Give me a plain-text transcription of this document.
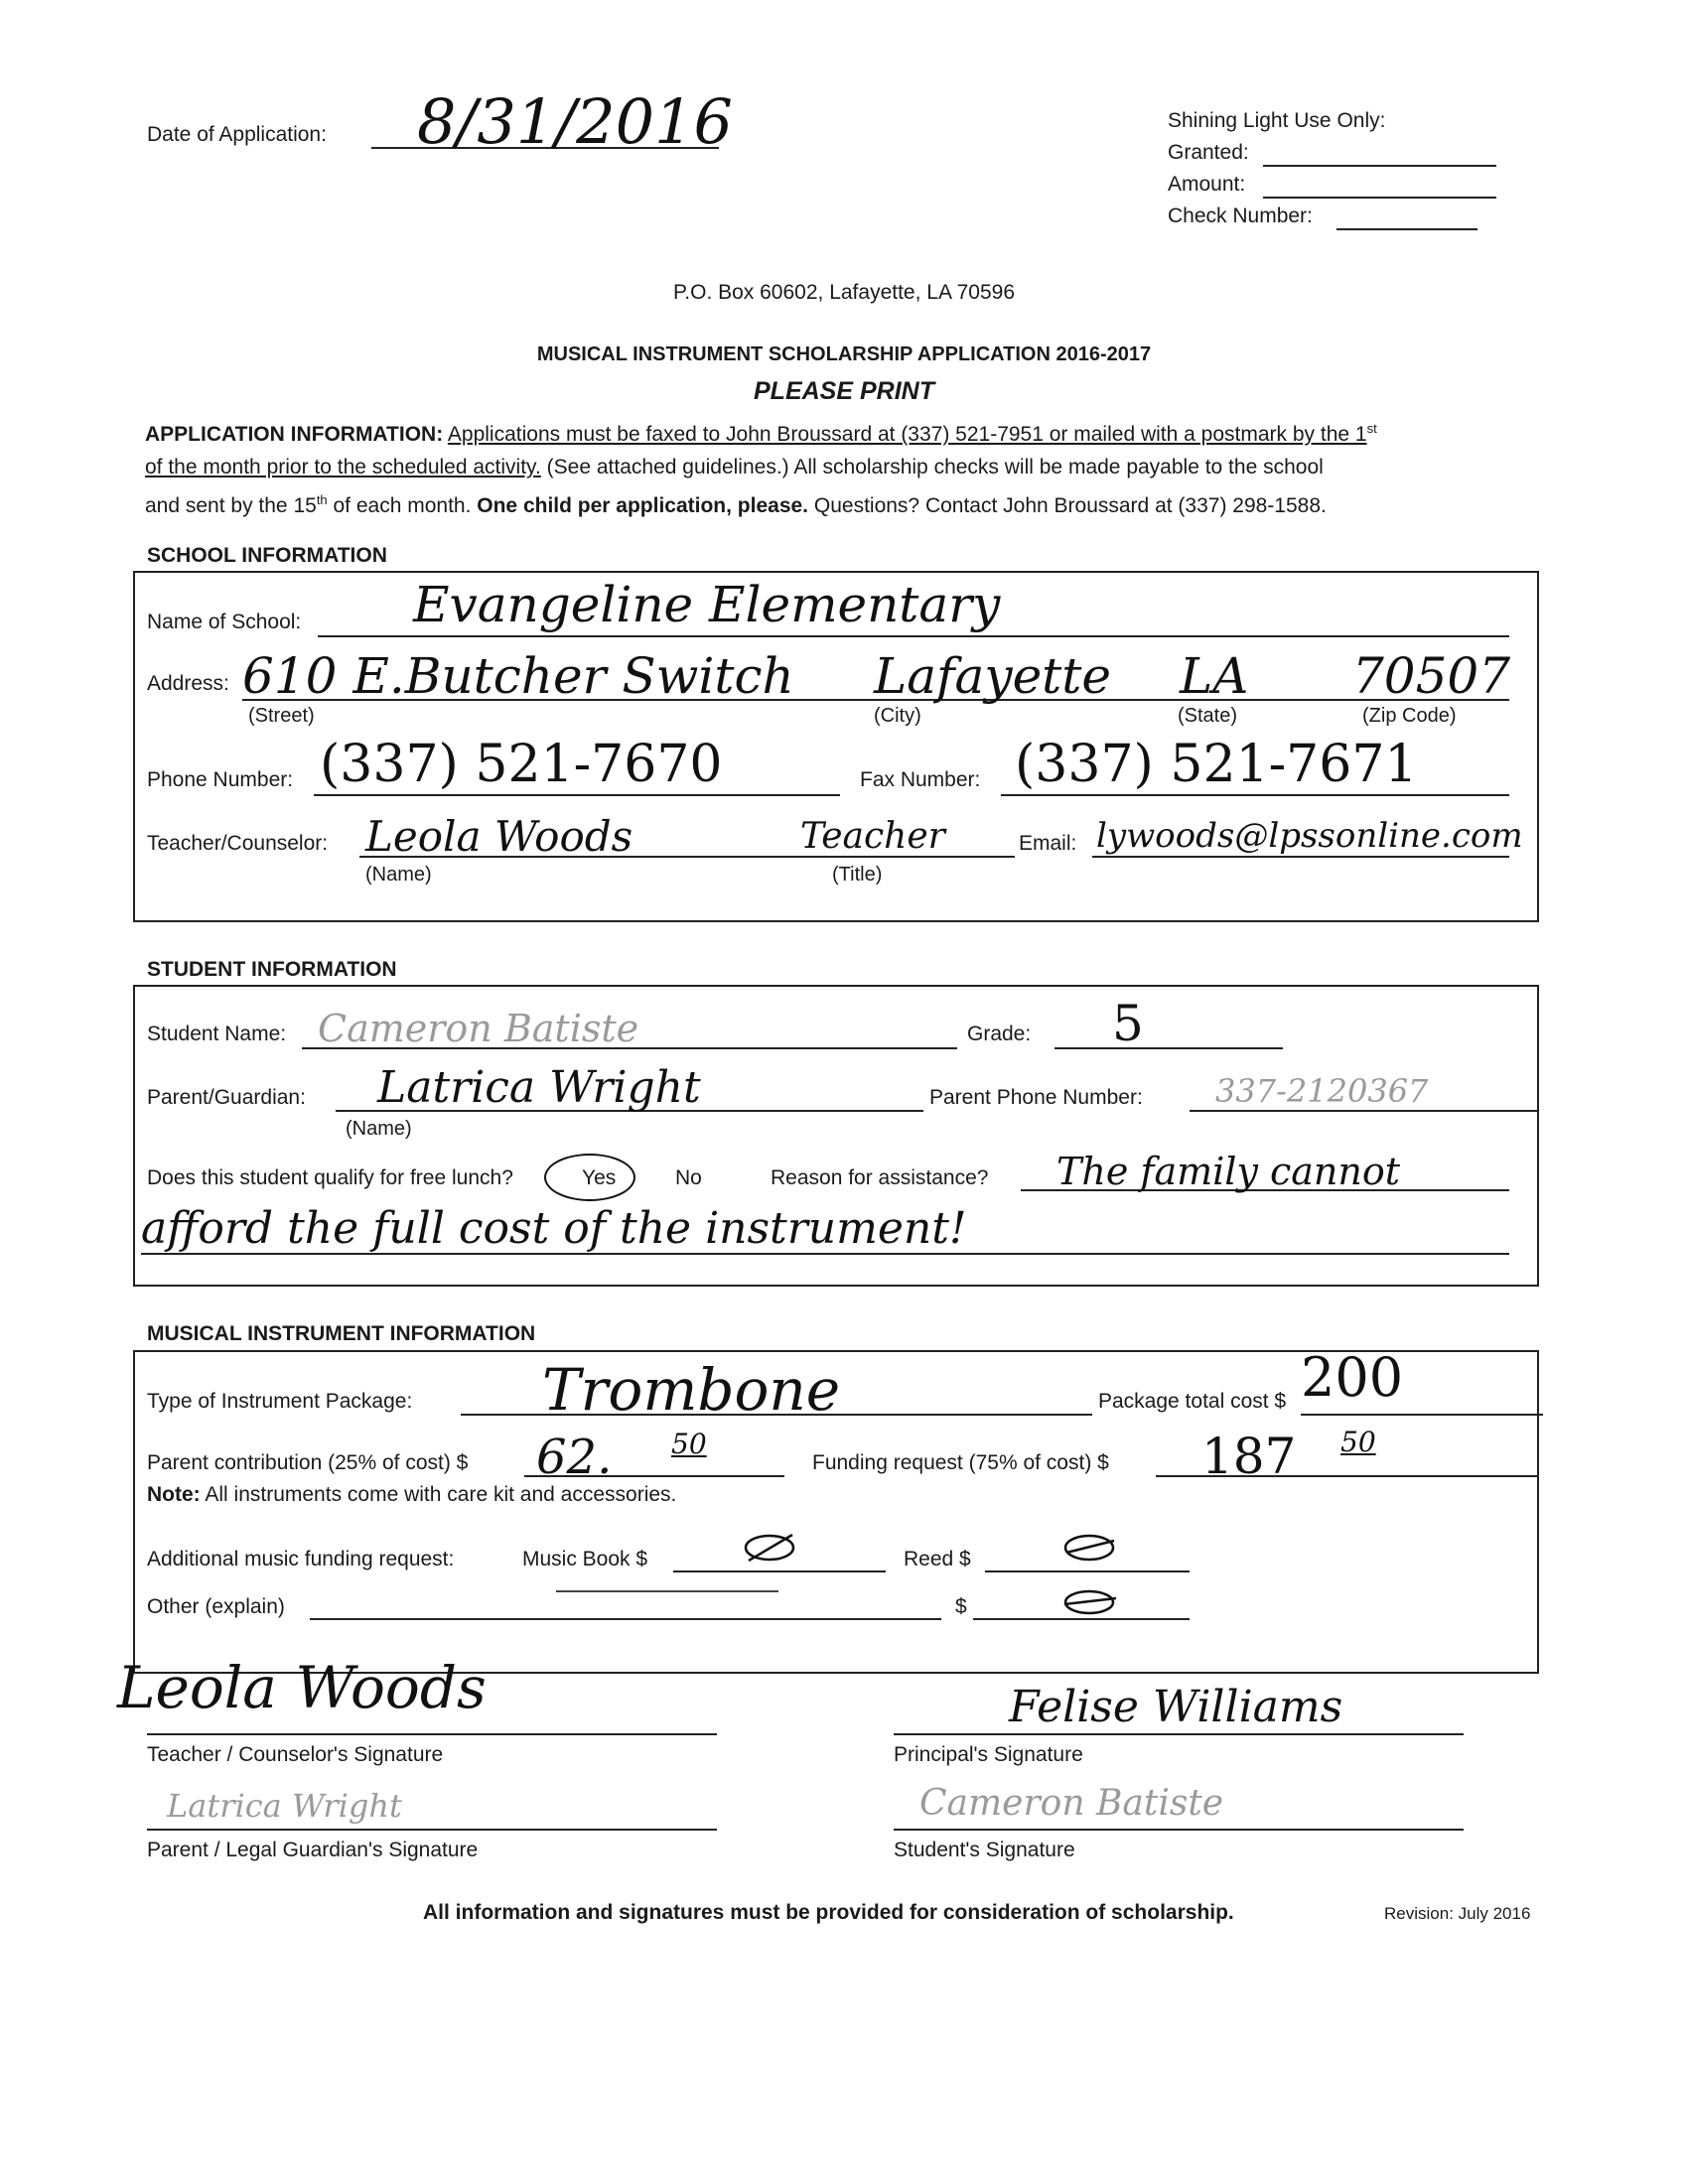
Date of Application: 8/31/2016	Shining Light Use Only:
Granted:
Amount:
Check Number:
P.O. Box 60602, Lafayette, LA 70596
MUSICAL INSTRUMENT SCHOLARSHIP APPLICATION 2016-2017
PLEASE PRINT
APPLICATION INFORMATION: Applications must be faxed to John Broussard at (337) 521-7951 or mailed with a postmark by the 1st
of the month prior to the scheduled activity. (See attached guidelines.) All scholarship checks will be made payable to the school
and sent by the 15th of each month. One child per application, please. Questions? Contact John Broussard at (337) 298-1588.
SCHOOL INFORMATION
Name of School: Evangeline Elementary
Address: 610 E.Butcher Switch Lafayette LA 70507
(Street)	(City)	(State)	(Zip Code)
Phone Number: (337) 521-7670	Fax Number: (337) 521-7671
Teacher/Counselor: Leola Woods	Teacher	Email: lywoods@lpssonline.com
(Name)	(Title)
STUDENT INFORMATION
Student Name: Cameron Batiste	Grade: 5
Parent/Guardian: Latrica Wright
(Name)
Parent Phone Number: 337-2120367
Does this student qualify for free lunch?	Yes	No	Reason for assistance? The family cannot
afford the full cost of the instrument!
MUSICAL INSTRUMENT INFORMATION
Type of Instrument Package: Trombone	Package total cost $ 200
Parent contribution (25% of cost) $ 62. 50
Funding request (75% of cost) $ 187 50
Note: All instruments come with care kit and accessories.
Additional music funding request:	Music Book $	Reed $
Other (explain)	$
Leola Woods
Teacher / Counselor's Signature
Felise Williams
Principal's Signature
Latrica Wright
Parent / Legal Guardian's Signature
Cameron Batiste
Student's Signature
All information and signatures must be provided for consideration of scholarship.	Revision: July 2016
